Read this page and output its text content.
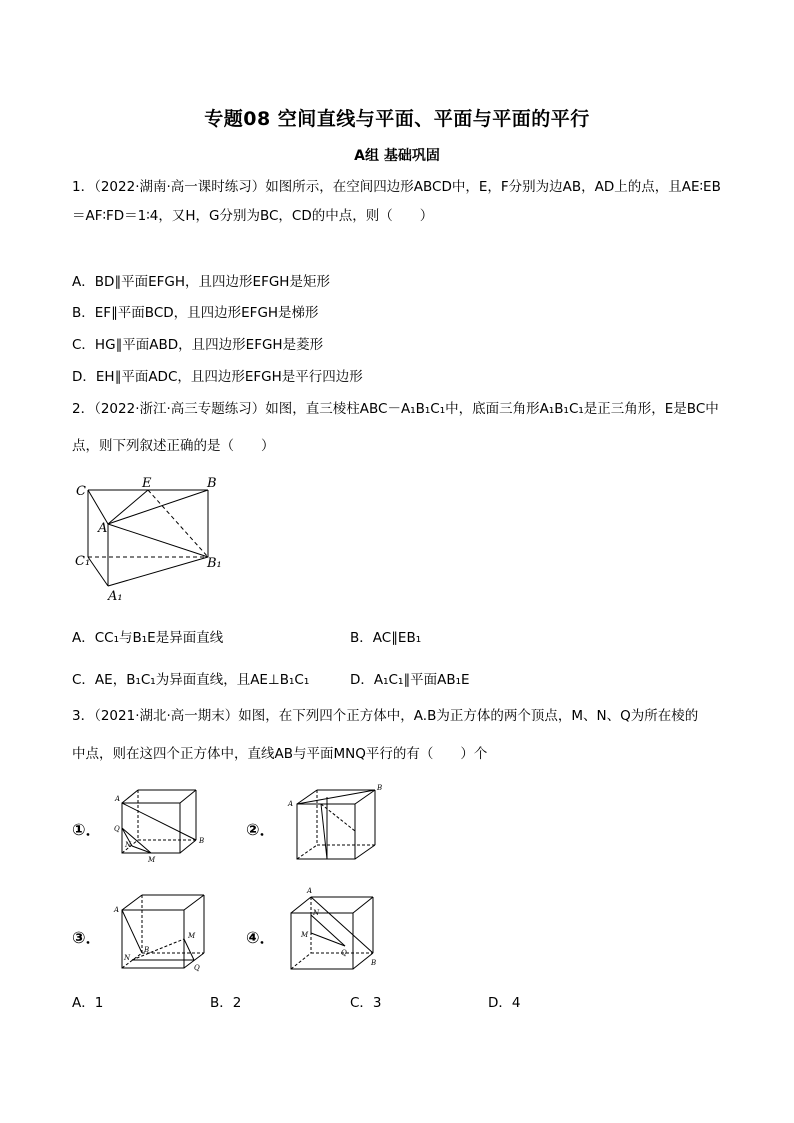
专题08 空间直线与平面、平面与平面的平行
A组 基础巩固
1．（2022·湖南·高一课时练习）如图所示，在空间四边形ABCD中，E，F分别为边AB，AD上的点，且AE∶EB
＝AF∶FD＝1∶4，又H，G分别为BC，CD的中点，则（　　）
A．BD∥平面EFGH，且四边形EFGH是矩形
B．EF∥平面BCD，且四边形EFGH是梯形
C．HG∥平面ABD，且四边形EFGH是菱形
D．EH∥平面ADC，且四边形EFGH是平行四边形
2．（2022·浙江·高三专题练习）如图，直三棱柱ABC－A₁B₁C₁中，底面三角形A₁B₁C₁是正三角形，E是BC中
点，则下列叙述正确的是（　　）
C
E	B
A
C₁	B₁
A₁
A．CC₁与B₁E是异面直线	B．AC∥EB₁
C．AE，B₁C₁为异面直线，且AE⊥B₁C₁	D．A₁C₁∥平面AB₁E
3．（2021·湖北·高一期末）如图，在下列四个正方体中，A.B为正方体的两个顶点，M、N、Q为所在棱的
中点，则在这四个正方体中，直线AB与平面MNQ平行的有（　　）个
①．	②．
③．	④．
A
Q
N
M
B
A
B
A
M
B
N
Q
A
N
M
Q
B
A．1	B．2	C．3	D．4
